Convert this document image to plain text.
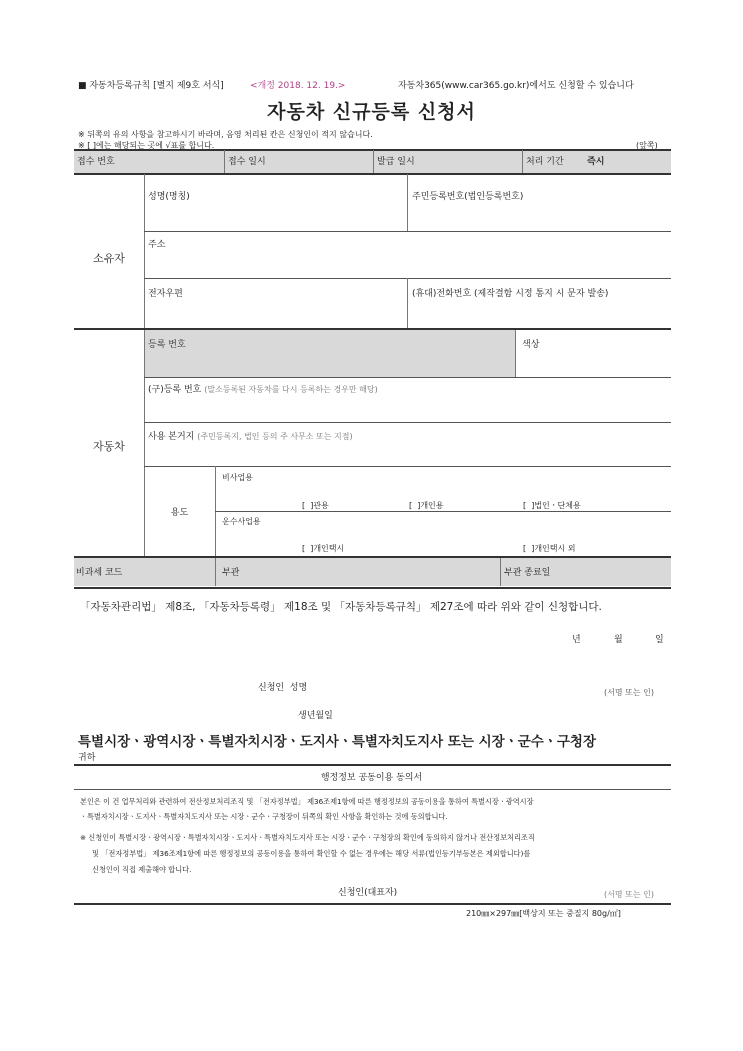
■ 자동차등록규칙 [별지 제9호 서식]	<개정 2018. 12. 19.>	자동차365(www.car365.go.kr)에서도 신청할 수 있습니다
자동차 신규등록 신청서
※ 뒤쪽의 유의 사항을 참고하시기 바라며, 음영 처리된 칸은 신청인이 적지 않습니다.
※ [ ]에는 해당되는 곳에 √표를 합니다.	(앞쪽)
접수 번호	접수 일시	발급 일시	처리 기간	즉시
소유자
성명(명칭)	주민등록번호(법인등록번호)
주소
전자우편	(휴대)전화번호 (제작결함 시정 통지 시 문자 발송)
자동차
등록 번호	색상
(구)등록 번호 (말소등록된 자동차를 다시 등록하는 경우만 해당)
사용 본거지 (주민등록지, 법인 등의 주 사무소 또는 지점)
용도
비사업용
[  ]관용	[  ]개인용	[  ]법인ㆍ단체용
운수사업용
[  ]개인택시	[  ]개인택시 외
비과세 코드	부관	부관 종료일
「자동차관리법」 제8조, 「자동차등록령」 제18조 및 「자동차등록규칙」 제27조에 따라 위와 같이 신청합니다.
년	월	일
신청인  성명	(서명 또는 인)
생년월일
특별시장ㆍ광역시장ㆍ특별자치시장ㆍ도지사ㆍ특별자치도지사 또는 시장ㆍ군수ㆍ구청장
귀하
행정정보 공동이용 동의서
본인은 이 건 업무처리와 관련하여 전산정보처리조직 및 「전자정부법」 제36조제1항에 따른 행정정보의 공동이용을 통하여 특별시장ㆍ광역시장
ㆍ특별자치시장ㆍ도지사ㆍ특별자치도지사 또는 시장ㆍ군수ㆍ구청장이 뒤쪽의 확인 사항을 확인하는 것에 동의합니다.
※ 신청인이 특별시장ㆍ광역시장ㆍ특별자치시장ㆍ도지사ㆍ특별자치도지사 또는 시장ㆍ군수ㆍ구청장의 확인에 동의하지 않거나 전산정보처리조직
및 「전자정부법」 제36조제1항에 따른 행정정보의 공동이용을 통하여 확인할 수 없는 경우에는 해당 서류(법인등기부등본은 제외합니다)를
신청인이 직접 제출해야 합니다.
신청인(대표자)	(서명 또는 인)
210㎜×297㎜[백상지 또는 중질지 80g/㎡]
